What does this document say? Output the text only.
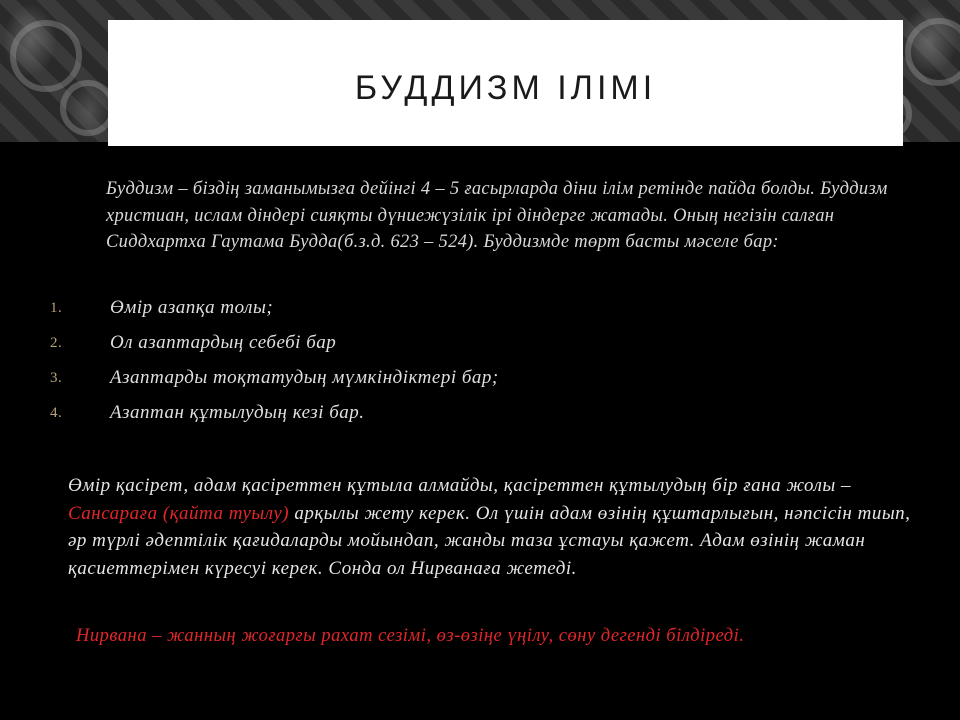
БУДДИЗМ ІЛІМІ

Буддизм – біздің заманымызға дейінгі 4 – 5 ғасырларда діни ілім ретінде пайда болды. Буддизм христиан, ислам діндері сияқты дүниежүзілік ірі діндерге жатады. Оның негізін салған Сиддхартха Гаутама Будда(б.з.д. 623 – 524). Буддизмде төрт басты мәселе бар:

1.	Өмір азапқа толы;
2.	Ол азаптардың себебі бар
3.	Азаптарды тоқтатудың мүмкіндіктері бар;
4.	Азаптан құтылудың кезі бар.

Өмір қасірет, адам қасіреттен құтыла алмайды, қасіреттен құтылудың бір ғана жолы – Сансараға (қайта туылу) арқылы жету керек. Ол үшін адам өзінің құштарлығын, нәпсісін тиып, әр түрлі әдептілік қағидаларды мойындап, жанды таза ұстауы қажет. Адам өзінің жаман қасиеттерімен күресуі керек. Сонда ол Нирванаға жетеді.

Нирвана – жанның жоғарғы рахат сезімі, өз-өзіңе үңілу, сөну дегенді білдіреді.
